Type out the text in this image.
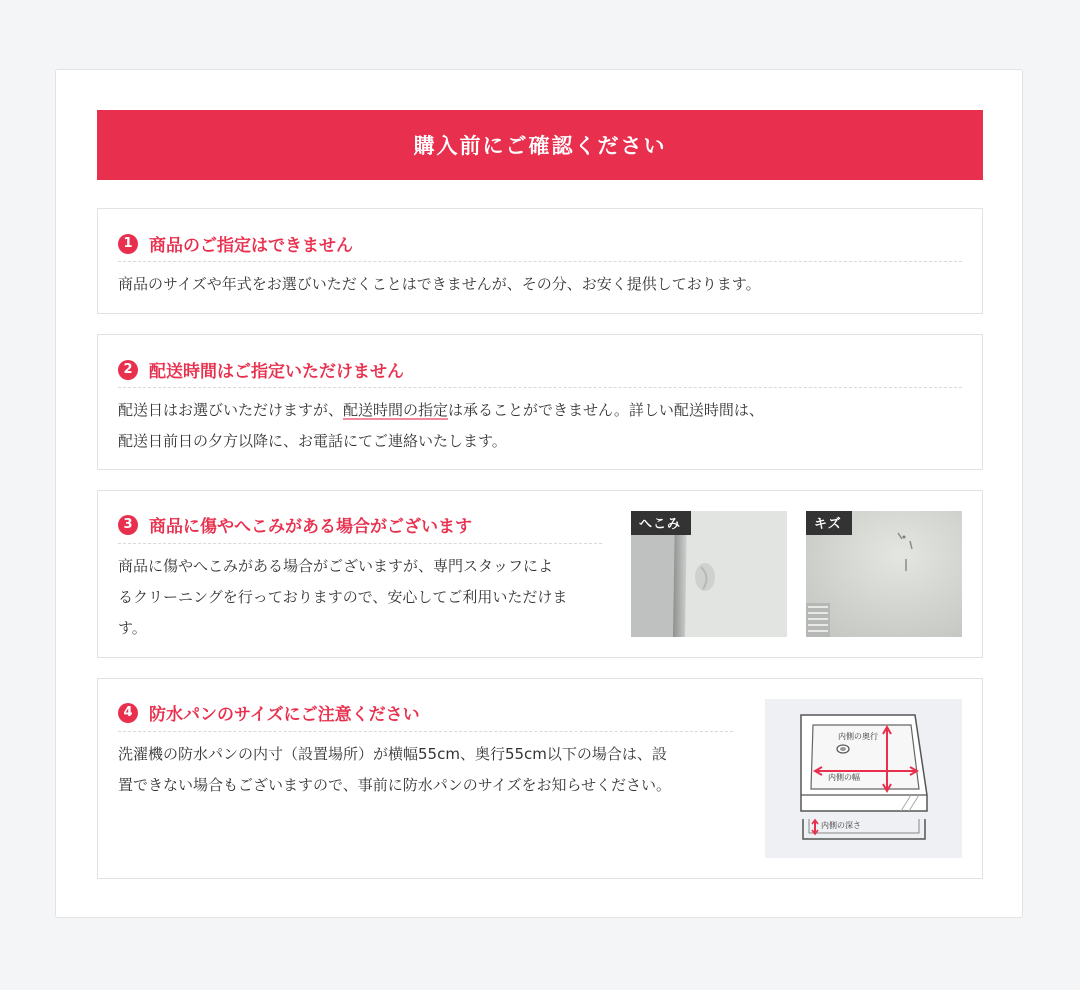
購入前にご確認ください
1 商品のご指定はできません
商品のサイズや年式をお選びいただくことはできませんが、その分、お安く提供しております。
2 配送時間はご指定いただけません
配送日はお選びいただけますが、配送時間の指定は承ることができません。詳しい配送時間は、
配送日前日の夕方以降に、お電話にてご連絡いたします。
3 商品に傷やへこみがある場合がございます
商品に傷やへこみがある場合がございますが、専門スタッフによ
るクリーニングを行っておりますので、安心してご利用いただけま
す。
へこみ	キズ
4 防水パンのサイズにご注意ください
洗濯機の防水パンの内寸（設置場所）が横幅55cm、奥行55cm以下の場合は、設
置できない場合もございますので、事前に防水パンのサイズをお知らせください。
内側の奥行
内側の幅
内側の深さ
